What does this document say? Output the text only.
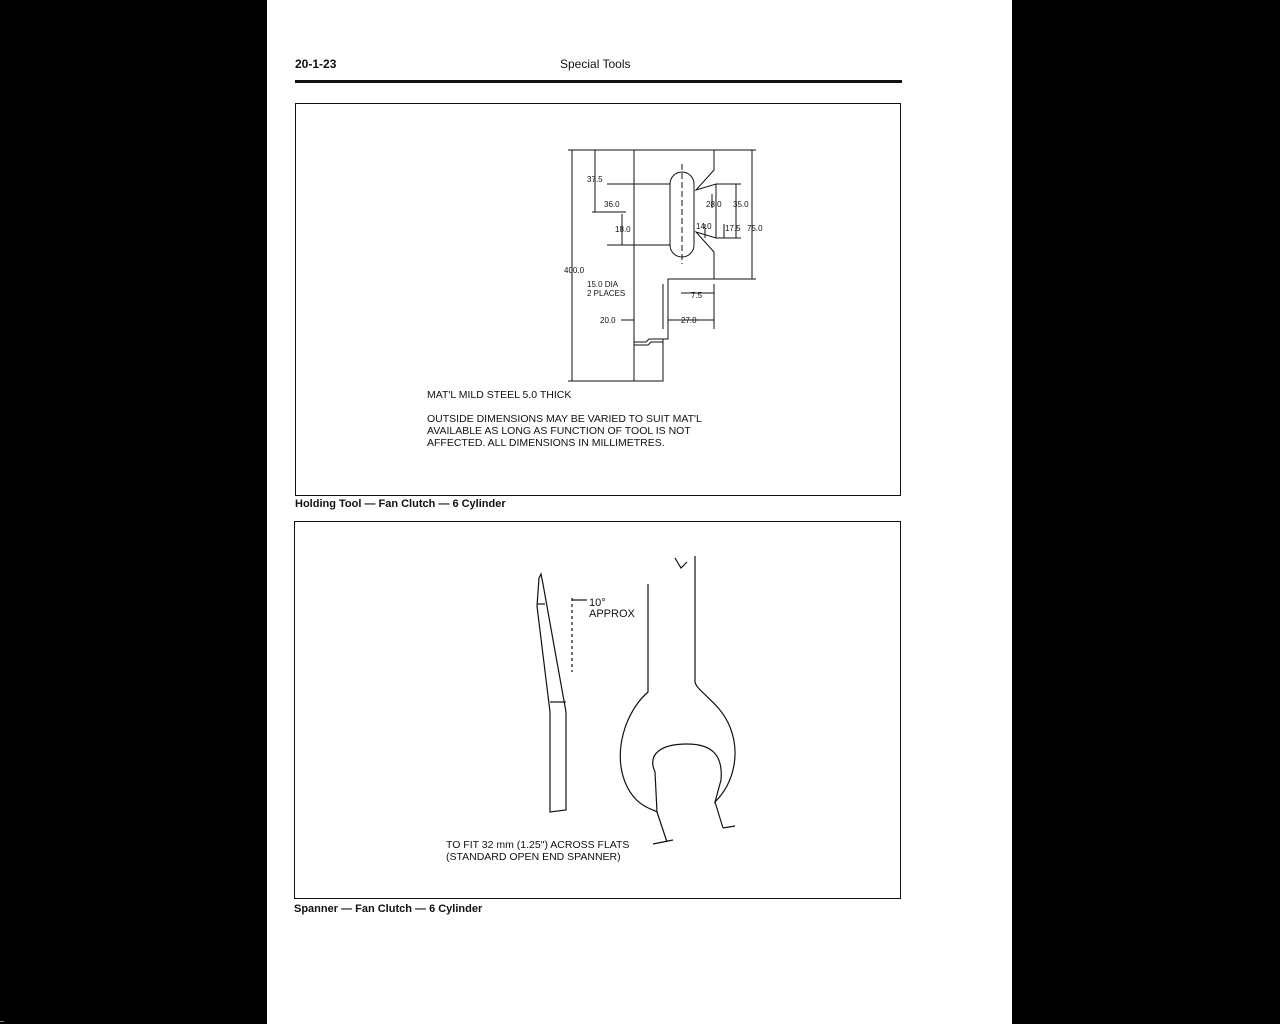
20-1-23	Special Tools
37.5
36.0
18.0
28.0 35.0
14.0 17.5 75.0
400.0
15.0 DIA
2 PLACES	7.5
20.0	27.0
MAT'L MILD STEEL 5.0 THICK
OUTSIDE DIMENSIONS MAY BE VARIED TO SUIT MAT'L
AVAILABLE AS LONG AS FUNCTION OF TOOL IS NOT
AFFECTED. ALL DIMENSIONS IN MILLIMETRES.
Holding Tool — Fan Clutch — 6 Cylinder
10°
APPROX
TO FIT 32 mm (1.25") ACROSS FLATS
(STANDARD OPEN END SPANNER)
Spanner — Fan Clutch — 6 Cylinder
